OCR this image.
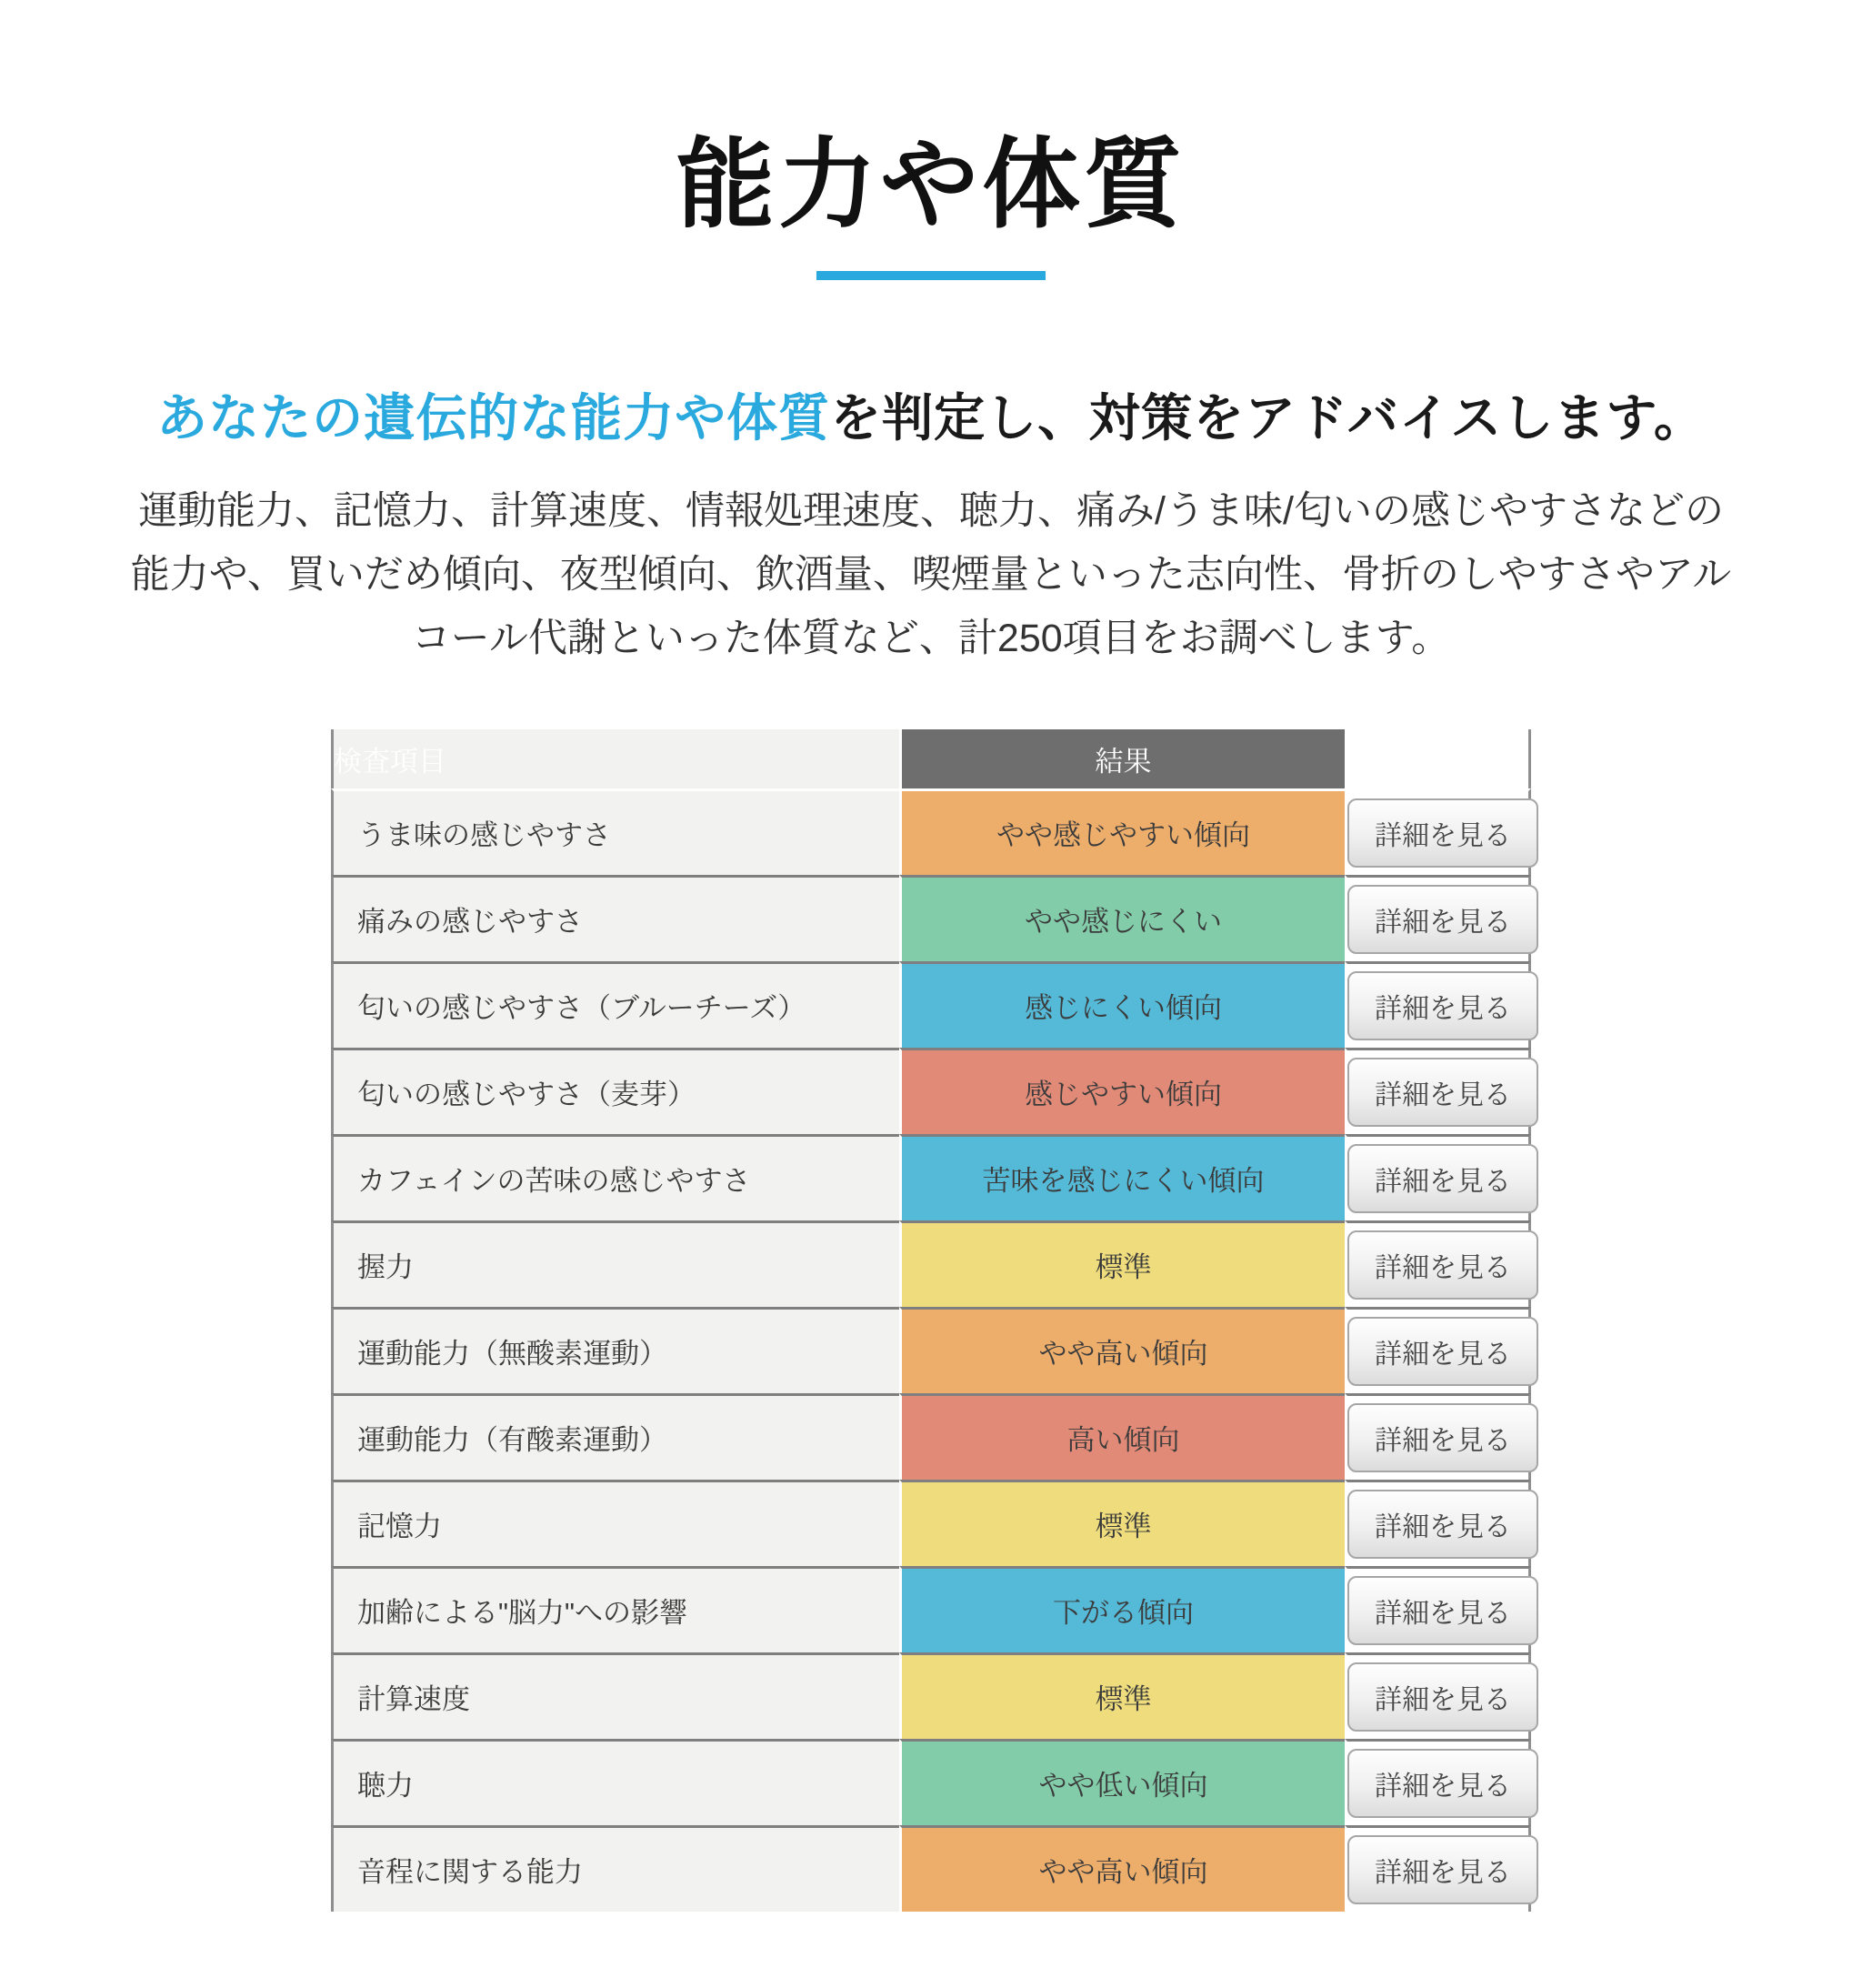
能力や体質
あなたの遺伝的な能力や体質を判定し、対策をアドバイスします。

運動能力、記憶力、計算速度、情報処理速度、聴力、痛み/うま味/匂いの感じやすさなどの能力や、買いだめ傾向、夜型傾向、飲酒量、喫煙量といった志向性、骨折のしやすさやアルコール代謝といった体質など、計250項目をお調べします。

検査項目	結果	
うま味の感じやすさ	やや感じやすい傾向	詳細を見る
痛みの感じやすさ	やや感じにくい	詳細を見る
匂いの感じやすさ（ブルーチーズ）	感じにくい傾向	詳細を見る
匂いの感じやすさ（麦芽）	感じやすい傾向	詳細を見る
カフェインの苦味の感じやすさ	苦味を感じにくい傾向	詳細を見る
握力	標準	詳細を見る
運動能力（無酸素運動）	やや高い傾向	詳細を見る
運動能力（有酸素運動）	高い傾向	詳細を見る
記憶力	標準	詳細を見る
加齢による"脳力"への影響	下がる傾向	詳細を見る
計算速度	標準	詳細を見る
聴力	やや低い傾向	詳細を見る
音程に関する能力	やや高い傾向	詳細を見る
